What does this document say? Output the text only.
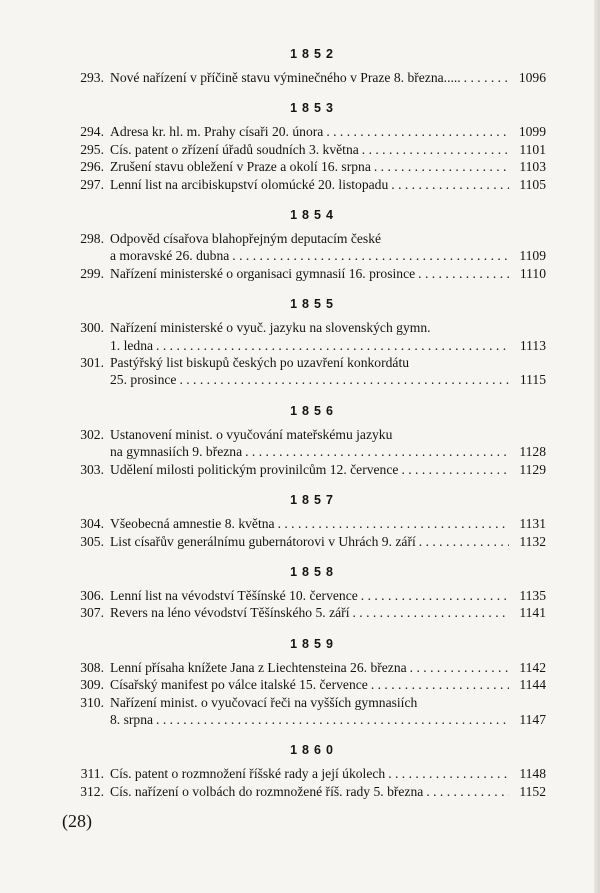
1852
293. Nové nařízení v příčině stavu výminečného v Praze 8. března..... . . .	1096
1853
294. Adresa kr. hl. m. Prahy císaři 20. února . . .	1099
295. Cís. patent o zřízení úřadů soudních 3. května . . .	1101
296. Zrušení stavu obležení v Praze a okolí 16. srpna . . .	1103
297. Lenní list na arcibiskupství olomúcké 20. listopadu . . .	1105
1854
298. Odpověd císařova blahopřejným deputacím české
a moravské 26. dubna . . .	1109
299. Nařízení ministerské o organisaci gymnasií 16. prosince . . .	1110
1855
300. Nařízení ministerské o vyuč. jazyku na slovenských gymn.
1. ledna . . .	1113
301. Pastýřský list biskupů českých po uzavření konkordátu
25. prosince . . .	1115
1856
302. Ustanovení minist. o vyučování mateřskému jazyku
na gymnasiích 9. března . . .	1128
303. Udělení milosti politickým provinilcům 12. července . . .	1129
1857
304. Všeobecná amnestie 8. května . . .	1131
305. List císařův generálnímu gubernátorovi v Uhrách 9. září . . .	1132
1858
306. Lenní list na vévodství Těšínské 10. července . . .	1135
307. Revers na léno vévodství Těšínského 5. září . . .	1141
1859
308. Lenní přísaha knížete Jana z Liechtensteina 26. března . . .	1142
309. Císařský manifest po válce italské 15. července . . .	1144
310. Nařízení minist. o vyučovací řeči na vyšších gymnasiích
8. srpna . . .	1147
1860
311. Cís. patent o rozmnožení říšské rady a její úkolech . . .	1148
312. Cís. nařízení o volbách do rozmnožené říš. rady 5. března . . .	1152
(28)
